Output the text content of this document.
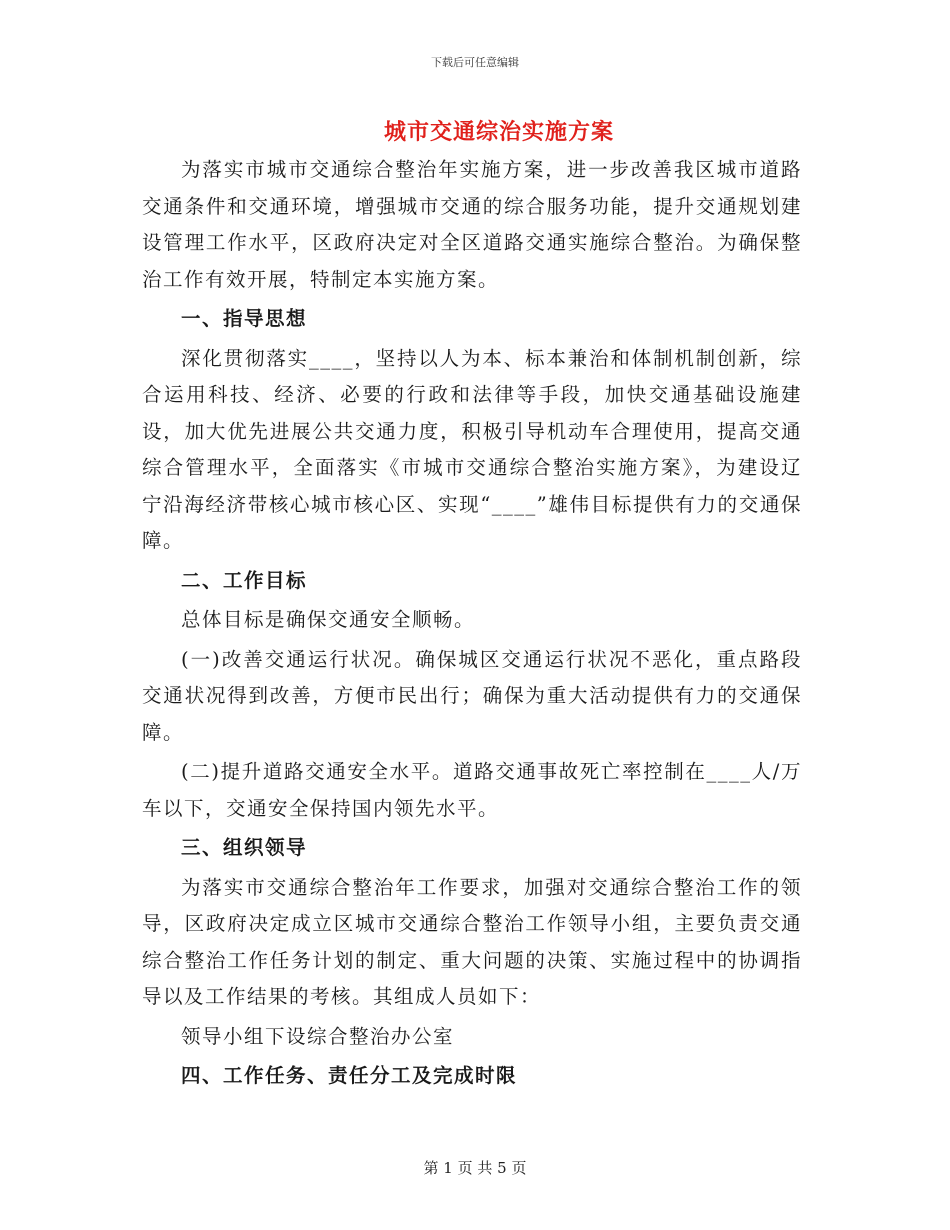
下载后可任意编辑
城市交通综治实施方案

为落实市城市交通综合整治年实施方案，进一步改善我区城市道路交通条件和交通环境，增强城市交通的综合服务功能，提升交通规划建设管理工作水平，区政府决定对全区道路交通实施综合整治。为确保整治工作有效开展，特制定本实施方案。

一、指导思想

深化贯彻落实____，坚持以人为本、标本兼治和体制机制创新，综合运用科技、经济、必要的行政和法律等手段，加快交通基础设施建设，加大优先进展公共交通力度，积极引导机动车合理使用，提高交通综合管理水平，全面落实《市城市交通综合整治实施方案》，为建设辽宁沿海经济带核心城市核心区、实现“____”雄伟目标提供有力的交通保障。

二、工作目标

总体目标是确保交通安全顺畅。

(一)改善交通运行状况。确保城区交通运行状况不恶化，重点路段交通状况得到改善，方便市民出行；确保为重大活动提供有力的交通保障。

(二)提升道路交通安全水平。道路交通事故死亡率控制在____人/万车以下，交通安全保持国内领先水平。

三、组织领导

为落实市交通综合整治年工作要求，加强对交通综合整治工作的领导，区政府决定成立区城市交通综合整治工作领导小组，主要负责交通综合整治工作任务计划的制定、重大问题的决策、实施过程中的协调指导以及工作结果的考核。其组成人员如下：

领导小组下设综合整治办公室

四、工作任务、责任分工及完成时限

第 1 页 共 5 页
